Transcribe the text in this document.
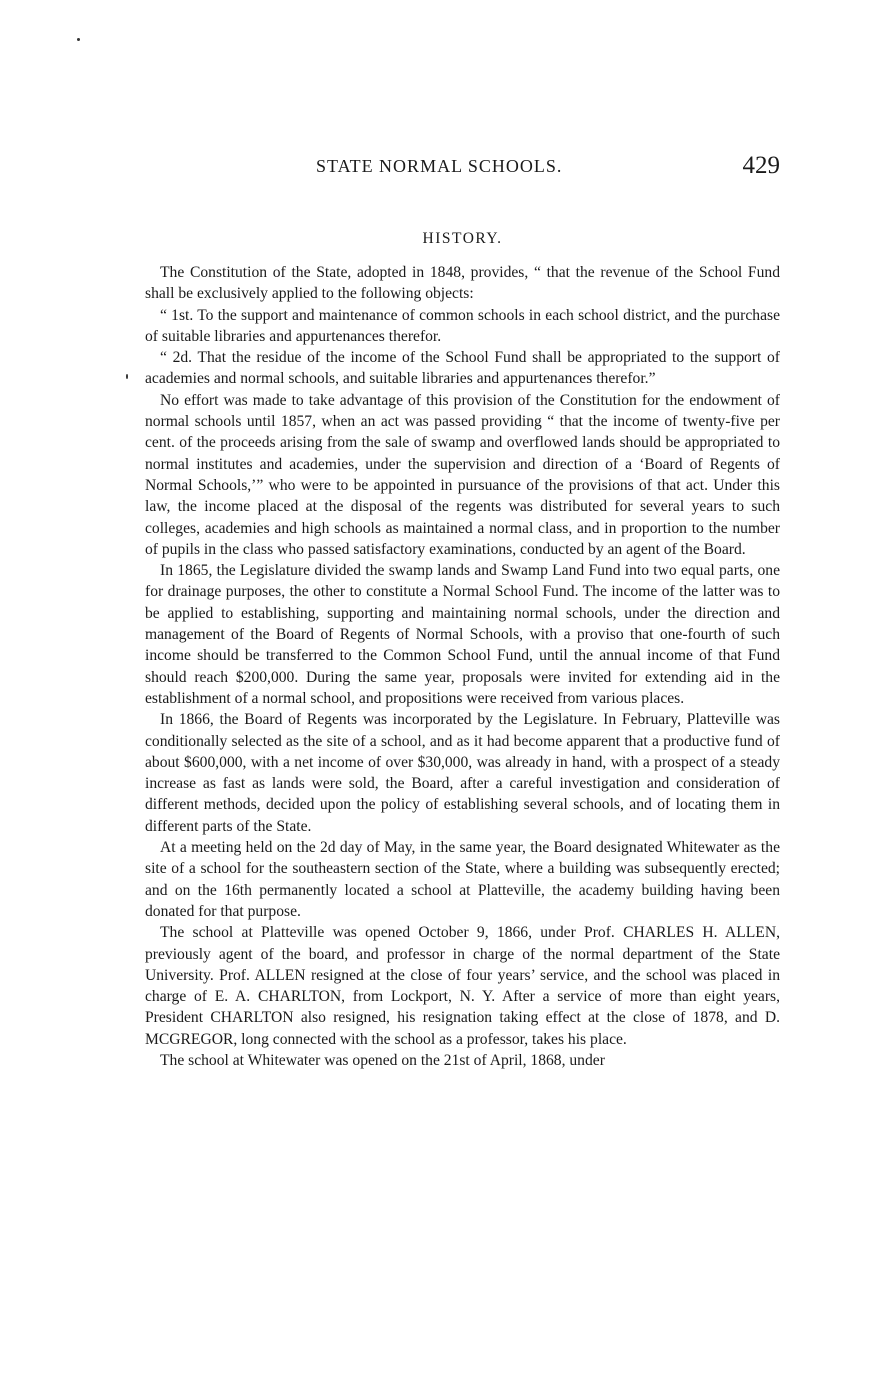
STATE NORMAL SCHOOLS.	429
HISTORY.

The Constitution of the State, adopted in 1848, provides, “ that the revenue of the School Fund shall be exclusively applied to the following objects:

“ 1st. To the support and maintenance of common schools in each school district, and the purchase of suitable libraries and appurtenances therefor.

“ 2d. That the residue of the income of the School Fund shall be appropriated to the support of academies and normal schools, and suitable libraries and appurtenances therefor.”

No effort was made to take advantage of this provision of the Constitution for the endowment of normal schools until 1857, when an act was passed providing “ that the income of twenty-five per cent. of the proceeds arising from the sale of swamp and overflowed lands should be appropriated to normal institutes and academies, under the supervision and direction of a ‘Board of Regents of Normal Schools,’” who were to be appointed in pursuance of the provisions of that act. Under this law, the income placed at the disposal of the regents was distributed for several years to such colleges, academies and high schools as maintained a normal class, and in proportion to the number of pupils in the class who passed satisfactory examinations, conducted by an agent of the Board.

In 1865, the Legislature divided the swamp lands and Swamp Land Fund into two equal parts, one for drainage purposes, the other to constitute a Normal School Fund. The income of the latter was to be applied to establishing, supporting and maintaining normal schools, under the direction and management of the Board of Regents of Normal Schools, with a proviso that one-fourth of such income should be transferred to the Common School Fund, until the annual income of that Fund should reach $200,000. During the same year, proposals were invited for extending aid in the establishment of a normal school, and propositions were received from various places.

In 1866, the Board of Regents was incorporated by the Legislature. In February, Platteville was conditionally selected as the site of a school, and as it had become apparent that a productive fund of about $600,000, with a net income of over $30,000, was already in hand, with a prospect of a steady increase as fast as lands were sold, the Board, after a careful investigation and consideration of different methods, decided upon the policy of establishing several schools, and of locating them in different parts of the State.

At a meeting held on the 2d day of May, in the same year, the Board designated Whitewater as the site of a school for the southeastern section of the State, where a building was subsequently erected; and on the 16th permanently located a school at Platteville, the academy building having been donated for that purpose.

The school at Platteville was opened October 9, 1866, under Prof. CHARLES H. ALLEN, previously agent of the board, and professor in charge of the normal department of the State University. Prof. ALLEN resigned at the close of four years’ service, and the school was placed in charge of E. A. CHARLTON, from Lockport, N. Y. After a service of more than eight years, President CHARLTON also resigned, his resignation taking effect at the close of 1878, and D. MCGREGOR, long connected with the school as a professor, takes his place.

The school at Whitewater was opened on the 21st of April, 1868, under
